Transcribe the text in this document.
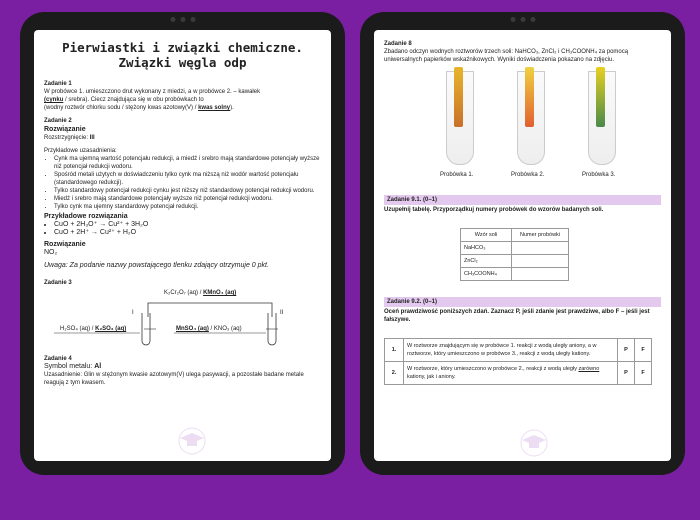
Pierwiastki i związki chemiczne.
Związki węgla odp
Zadanie 1
W probówce 1. umieszczono drut wykonany z miedzi, a w probówce 2. – kawałek
(cynku / srebra). Ciecz znajdująca się w obu probówkach to
(wodny roztwór chlorku sodu / stężony kwas azotowy(V) / kwas solny).
Zadanie 2
Rozwiązanie
Rozstrzygnięcie: III
Przykładowe uzasadnienia:
• Cynk ma ujemną wartość potencjału redukcji, a miedź i srebro mają standardowe potencjały wyższe niż potencjał redukcji wodoru.
• Spośród metali użytych w doświadczeniu tylko cynk ma niższą niż wodór wartość potencjału (standardowego redukcji).
• Tylko standardowy potencjał redukcji cynku jest niższy niż standardowy potencjał redukcji wodoru.
• Miedź i srebro mają standardowe potencjały wyższe niż potencjał redukcji wodoru.
• Tylko cynk ma ujemny standardowy potencjał redukcji.
Przykładowe rozwiązania
• CuO + 2H₃O⁺ → Cu²⁺ + 3H₂O
• CuO + 2H⁺ → Cu²⁺ + H₂O
Rozwiązanie
NO₂
Uwaga: Za podanie nazwy powstającego tlenku zdający otrzymuje 0 pkt.
Zadanie 3
K₂Cr₂O₇ (aq) / KMnO₄ (aq)
I	II
H₂SO₄ (aq) / K₂SO₃ (aq)	MnSO₄ (aq) / KNO₃ (aq)
Zadanie 4
Symbol metalu: Al
Uzasadnienie: Glin w stężonym kwasie azotowym(V) ulega pasywacji, a pozostałe badane metale reagują z tym kwasem.
Zadanie 8
Zbadano odczyn wodnych roztworów trzech soli: NaHCO₃, ZnCl₂ i CH₃COONH₄ za pomocą uniwersalnych papierków wskaźnikowych. Wyniki doświadczenia pokazano na zdjęciu.
Probówka 1.	Probówka 2.	Probówka 3.
Zadanie 9.1. (0–1)
Uzupełnij tabelę. Przyporządkuj numery probówek do wzorów badanych soli.
Wzór soli	Numer probówki
NaHCO₃	
ZnCl₂	
CH₃COONH₄	
Zadanie 9.2. (0–1)
Oceń prawdziwość poniższych zdań. Zaznacz P, jeśli zdanie jest prawdziwe, albo F – jeśli jest fałszywe.
1.	W roztworze znajdującym się w probówce 1. reakcji z wodą uległy aniony, a w roztworze, który umieszczono w probówce 3., reakcji z wodą uległy kationy.	P	F
2.	W roztworze, który umieszczono w probówce 2., reakcji z wodą uległy zarówno kationy, jak i aniony.	P	F
